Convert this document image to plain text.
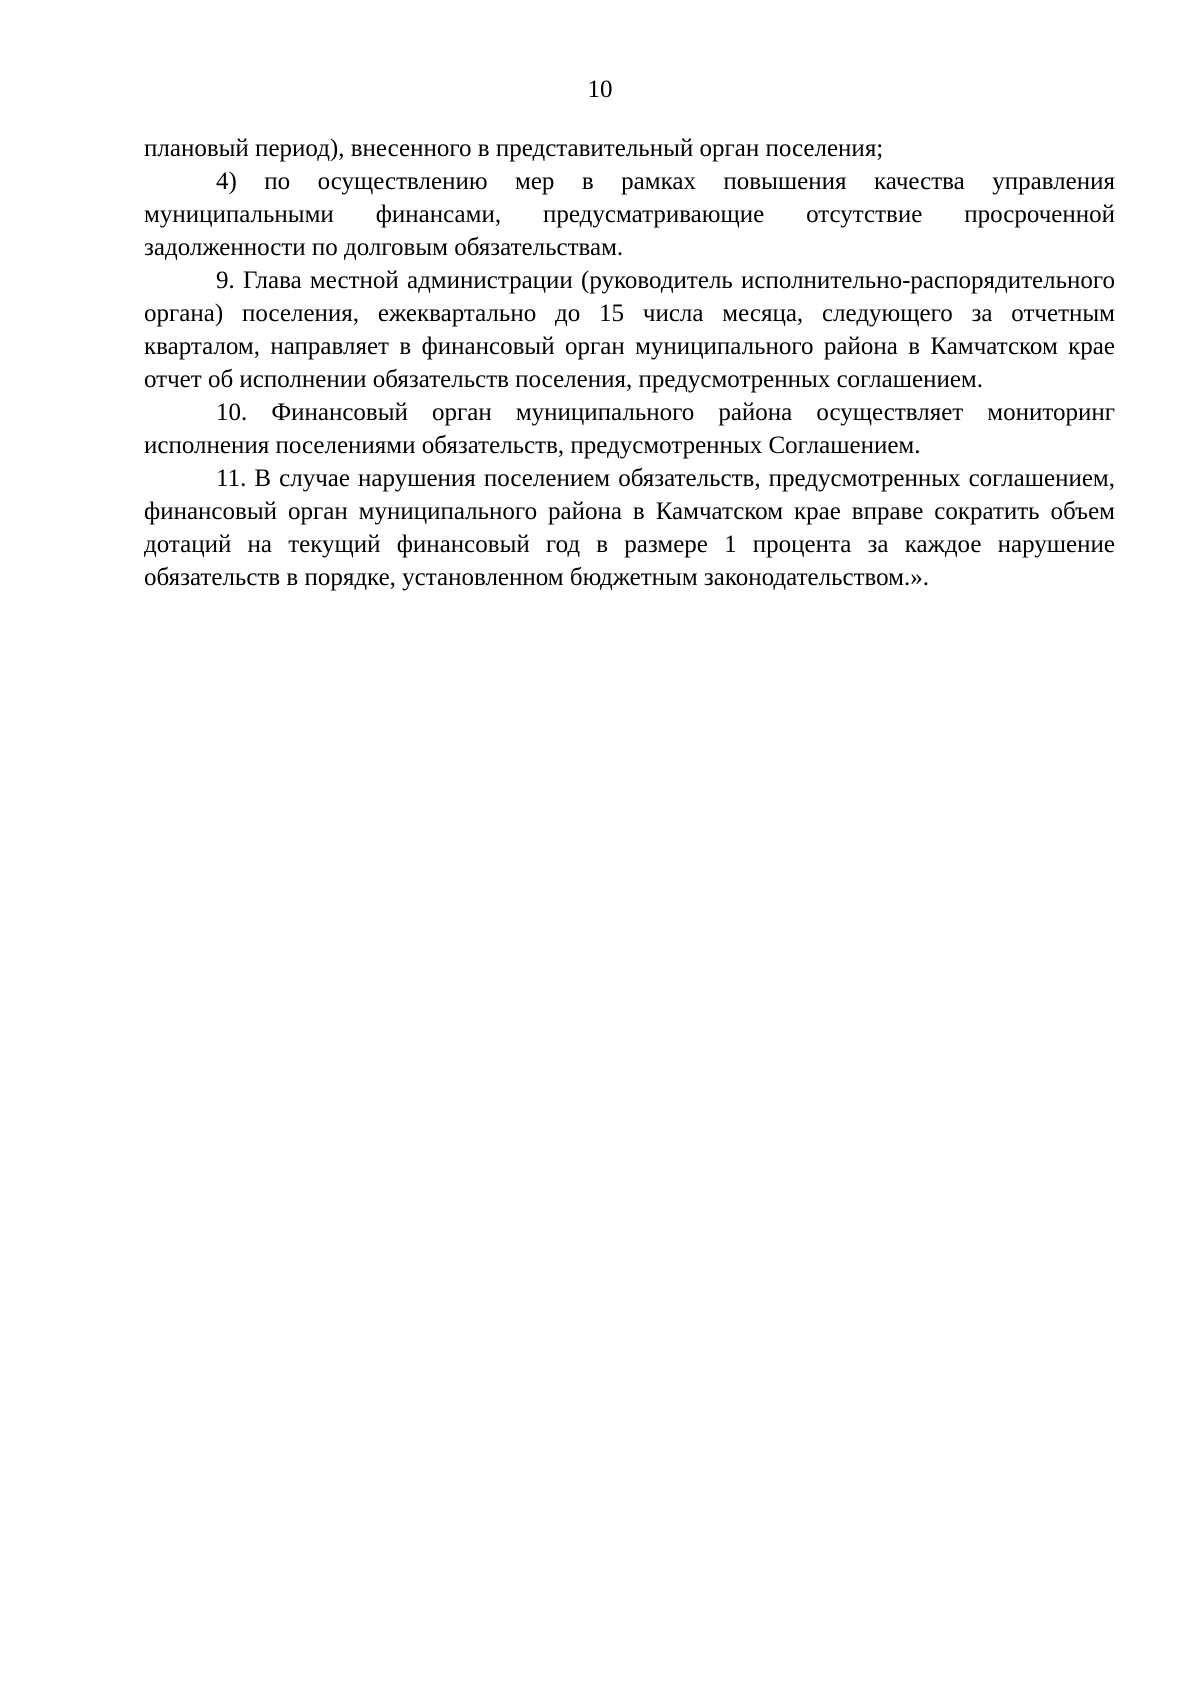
10

плановый период), внесенного в представительный орган поселения;

4) по осуществлению мер в рамках повышения качества управления муниципальными финансами, предусматривающие отсутствие просроченной задолженности по долговым обязательствам.

9. Глава местной администрации (руководитель исполнительно-распорядительного органа) поселения, ежеквартально до 15 числа месяца, следующего за отчетным кварталом, направляет в финансовый орган муниципального района в Камчатском крае отчет об исполнении обязательств поселения, предусмотренных соглашением.

10. Финансовый орган муниципального района осуществляет мониторинг исполнения поселениями обязательств, предусмотренных Соглашением.

11. В случае нарушения поселением обязательств, предусмотренных соглашением, финансовый орган муниципального района в Камчатском крае вправе сократить объем дотаций на текущий финансовый год в размере 1 процента за каждое нарушение обязательств в порядке, установленном бюджетным законодательством.».
